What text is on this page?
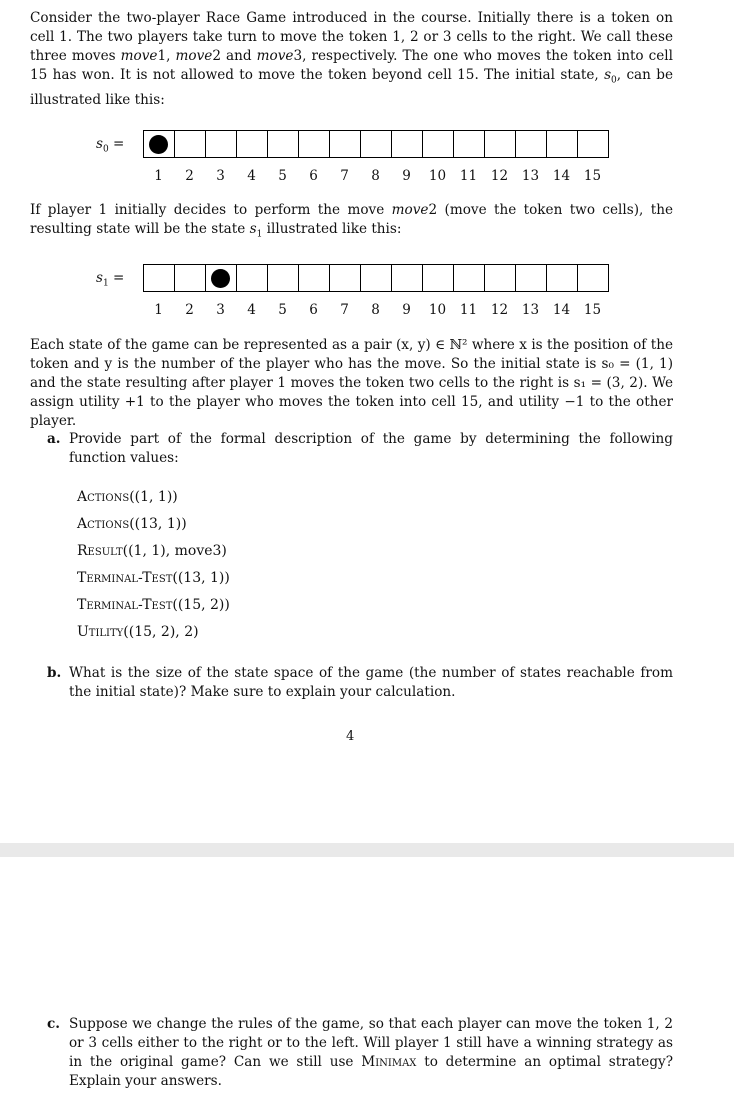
Consider the two-player Race Game introduced in the course. Initially there is a token on cell 1. The two players take turn to move the token 1, 2 or 3 cells to the right. We call these three moves move1, move2 and move3, respectively. The one who moves the token into cell 15 has won. It is not allowed to move the token beyond cell 15. The initial state, $s_0$, can be illustrated like this:

$s_0$ =
1	2	3	4	5	6	7	8	9	10	11	12	13	14	15

If player 1 initially decides to perform the move move2 (move the token two cells), the resulting state will be the state $s_1$ illustrated like this:

$s_1$ =
1	2	3	4	5	6	7	8	9	10	11	12	13	14	15

Each state of the game can be represented as a pair (x, y) ∈ ℕ² where x is the position of the token and y is the number of the player who has the move. So the initial state is s₀ = (1, 1) and the state resulting after player 1 moves the token two cells to the right is s₁ = (3, 2). We assign utility +1 to the player who moves the token into cell 15, and utility −1 to the other player.

a. Provide part of the formal description of the game by determining the following function values:

Actions((1, 1))
Actions((13, 1))
Result((1, 1), move3)
Terminal-Test((13, 1))
Terminal-Test((15, 2))
Utility((15, 2), 2)
b. What is the size of the state space of the game (the number of states reachable from the initial state)? Make sure to explain your calculation.

4
c. Suppose we change the rules of the game, so that each player can move the token 1, 2 or 3 cells either to the right or to the left. Will player 1 still have a winning strategy as in the original game? Can we still use Minimax to determine an optimal strategy? Explain your answers.
